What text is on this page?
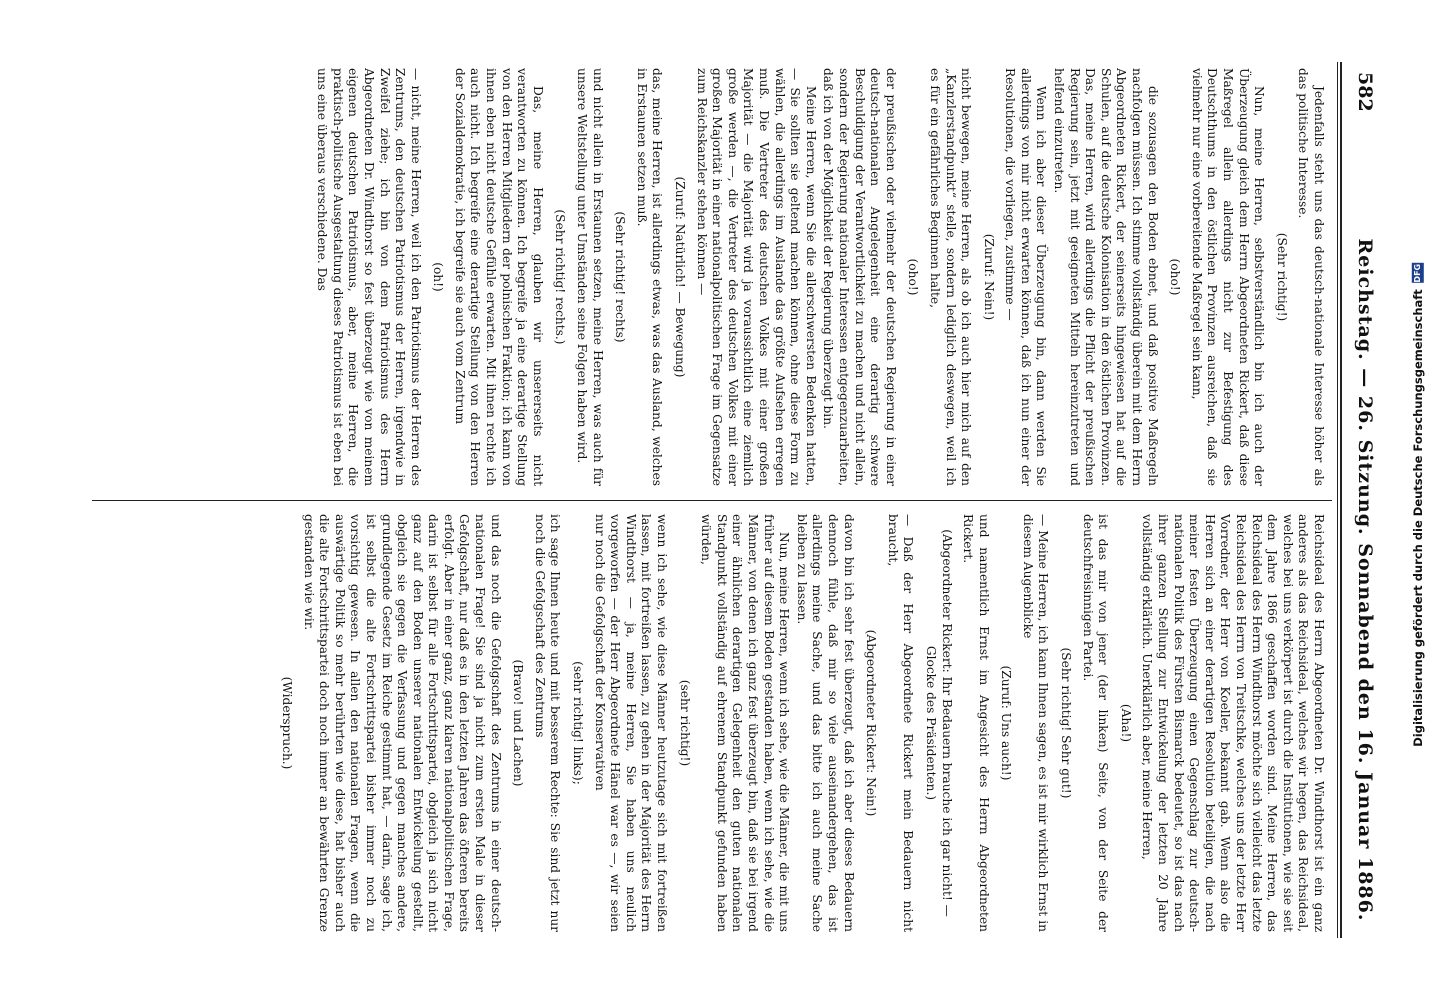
582
Reichstag. — 26. Sitzung. Sonnabend den 16. Januar 1886.
Jedenfalls steht uns das deutsch-nationale Interesse höher als das politische Interesse.
(Sehr richtig!)
Nun, meine Herren, selbstverständlich bin ich auch der Überzeugung gleich dem Herrn Abgeordneten Rickert, daß diese Maßregel allein allerdings nicht zur Befestigung des Deutschthums in den östlichen Provinzen ausreichen, daß sie vielmehr nur eine vorbereitende Maßregel sein kann,
(oho!)
die sozusagen den Boden ebnet, und daß positive Maßregeln nachfolgen müssen. Ich stimme vollständig überein mit dem Herrn Abgeordneten Rickert, der seinerseits hingewiesen hat auf die Schulen, auf die deutsche Kolonisation in den östlichen Provinzen. Das, meine Herren, wird allerdings die Pflicht der preußischen Regierung sein, jetzt mit geeigneten Mitteln hereinzutreten und helfend einzutreten.
Wenn ich aber dieser Überzeugung bin, dann werden Sie allerdings von mir nicht erwarten können, daß ich nun einer der Resolutionen, die vorliegen, zustimme —
(Zuruf: Nein!)
nicht bewegen, meine Herren, als ob ich auch hier mich auf den „Kanzlerstandpunkt“ stelle, sondern lediglich deswegen, weil ich es für ein gefährliches Beginnen halte,
(oho!)
der preußischen oder vielmehr der deutschen Regierung in einer deutsch-nationalen Angelegenheit eine derartig schwere Beschuldigung der Verantwortlichkeit zu machen und nicht allein, sondern der Regierung nationaler Interessen entgegenzuarbeiten, daß ich von der Möglichkeit der Regierung überzeugt bin.
Meine Herren, wenn Sie die allerschwersten Bedenken hatten, — Sie sollten sie geltend machen können, ohne diese Form zu wählen, die allerdings im Auslande das größte Aufsehen erregen muß. Die Vertreter des deutschen Volkes mit einer großen Majorität — die Majorität wird ja voraussichtlich eine ziemlich große werden —, die Vertreter des deutschen Volkes mit einer großen Majorität in einer nationalpolitischen Frage im Gegensatze zum Reichskanzler stehen können —
(Zuruf: Natürlich! — Bewegung)
das, meine Herren, ist allerdings etwas, was das Ausland, welches in Erstaunen setzen muß.
(Sehr richtig! rechts)
und nicht allein in Erstaunen setzen, meine Herren, was auch für unsere Weltstellung unter Umständen seine Folgen haben wird.
(Sehr richtig! rechts.)
Das, meine Herren, glauben wir unsererseits nicht verantworten zu können. Ich begreife ja eine derartige Stellung von den Herren Mitgliedern der polnischen Fraktion; ich kann von ihnen eben nicht deutsche Gefühle erwarten. Mit ihnen rechte ich auch nicht. Ich begreife eine derartige Stellung von den Herren der Sozialdemokratie, ich begreife sie auch vom Zentrum
(oh!)
— nicht, meine Herren, weil ich den Patriotismus der Herren des Zentrums, den deutschen Patriotismus der Herren, irgendwie in Zweifel ziehe; ich bin von dem Patriotismus des Herrn Abgeordneten Dr. Windthorst so fest überzeugt wie von meinem eigenen deutschen Patriotismus, aber, meine Herren, die praktisch-politische Ausgestaltung dieses Patriotismus ist eben bei uns eine überaus verschiedene. Das
Reichsideal des Herrn Abgeordneten Dr. Windthorst ist ein ganz anderes als das Reichsideal, welches wir hegen, das Reichsideal, welches bei uns verkörpert ist durch die Institutionen, wie sie seit dem Jahre 1866 geschaffen worden sind. Meine Herren, das Reichsideal des Herrn Windthorst möchte sich vielleicht das letzte Reichsideal des Herrn von Treitschke, welches uns der letzte Herr Vorredner, der Herr von Koeller, bekannt gab. Wenn also die Herren sich an einer derartigen Resolution beteiligen, die nach meiner festen Überzeugung einen Gegenschlag zur deutsch-nationalen Politik des Fürsten Bismarck bedeutet, so ist das nach ihrer ganzen Stellung zur Entwickelung der letzten 20 Jahre vollständig erklärlich. Unerklärlich aber, meine Herren,
(Aha!)
ist das mir von jener (der linken) Seite, von der Seite der deutschfreisinnigen Partei.
(Sehr richtig! Sehr gut!)
— Meine Herren, ich kann Ihnen sagen, es ist mir wirklich Ernst in diesem Augenblicke
(Zuruf: Uns auch!)
und namentlich Ernst im Angesicht des Herrn Abgeordneten Rickert.
(Abgeordneter Rickert: Ihr Bedauern brauche ich gar nicht! — Glocke des Präsidenten.)
— Daß der Herr Abgeordnete Rickert mein Bedauern nicht braucht,
(Abgeordneter Rickert: Nein!)
davon bin ich sehr fest überzeugt, daß ich aber dieses Bedauern dennoch fühle, daß mir so viele auseinandergehen, das ist allerdings meine Sache, und das bitte ich auch meine Sache bleiben zu lassen.
Nun, meine Herren, wenn ich sehe, wie die Männer, die mit uns früher auf diesem Boden gestanden haben, wenn ich sehe, wie die Männer, von denen ich ganz fest überzeugt bin, daß sie bei irgend einer ähnlichen derartigen Gelegenheit den guten nationalen Standpunkt vollständig auf ehrenem Standpunkt gefunden haben würden,
(sehr richtig!)
wenn ich sehe, wie diese Männer heutzutage sich mit fortreißen lassen, mit fortreißen lassen, zu gehen in der Majorität des Herrn Windthorst — ja, meine Herren, Sie haben uns neulich vorgeworfen — der Herr Abgeordnete Hänel war es —, wir seien nur noch die Gefolgschaft der Konservativen
(sehr richtig! links);
ich sage Ihnen heute und mit besserem Rechte: Sie sind jetzt nur noch die Gefolgschaft des Zentrums
(Bravo! und Lachen)
und das noch die Gefolgschaft des Zentrums in einer deutsch-nationalen Frage! Sie sind ja nicht zum ersten Male in dieser Gefolgschaft, nur daß es in den letzten Jahren das öfteren bereits erfolgt. Aber in einer ganz, ganz klaren nationalpolitischen Frage, darin ist selbst für alle Fortschrittspartei, obgleich ja sich nicht ganz auf den Boden unserer nationalen Entwickelung gestellt, obgleich sie gegen die Verfassung und gegen manches andere, grundlegende Gesetz im Reiche gestimmt hat, — darin, sage ich, ist selbst die alte Fortschrittspartei bisher immer noch zu vorsichtig gewesen. In allen den nationalen Fragen, wenn die auswärtige Politik so mehr berührten wie diese, hat bisher auch die alte Fortschrittspartei doch noch immer an bewährten Grenze gestanden wie wir.
(Widerspruch.)	Digitalisierung gefördert durch die Deutsche Forschungsgemeinschaft
DFG
